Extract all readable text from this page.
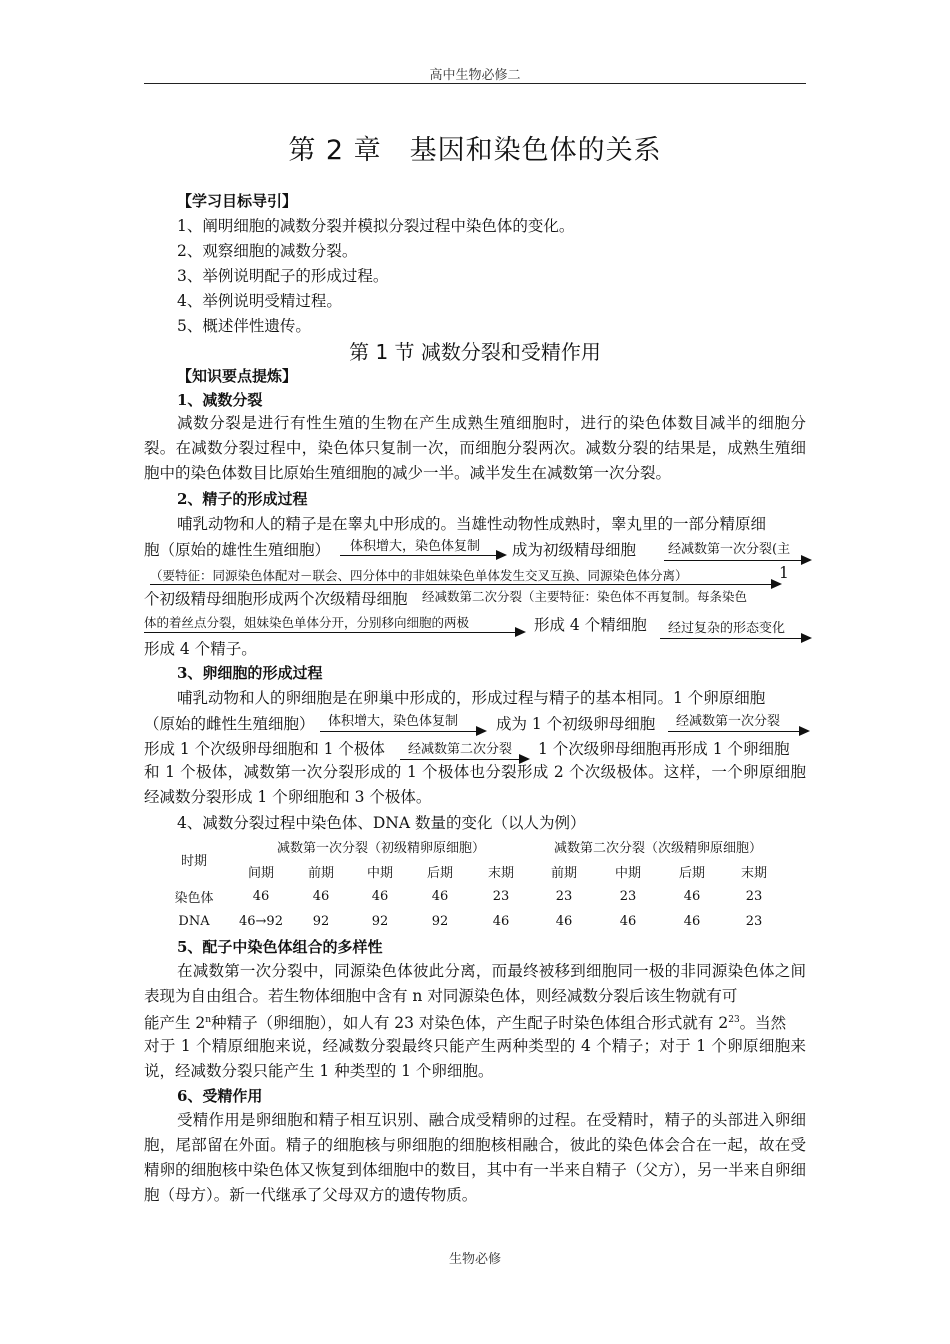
高中生物必修二
第 2 章　基因和染色体的关系
【学习目标导引】
1、阐明细胞的减数分裂并模拟分裂过程中染色体的变化。
2、观察细胞的减数分裂。
3、举例说明配子的形成过程。
4、举例说明受精过程。
5、概述伴性遗传。
第 1 节 减数分裂和受精作用
【知识要点提炼】
1、减数分裂
减数分裂是进行有性生殖的生物在产生成熟生殖细胞时，进行的染色体数目减半的细胞分裂。在减数分裂过程中，染色体只复制一次，而细胞分裂两次。减数分裂的结果是，成熟生殖细胞中的染色体数目比原始生殖细胞的减少一半。减半发生在减数第一次分裂。
2、精子的形成过程
哺乳动物和人的精子是在睾丸中形成的。当雄性动物性成熟时，睾丸里的一部分精原细
胞（原始的雄性生殖细胞） 体积增大，染色体复制 成为初级精母细胞 经减数第一次分裂(主
（要特征：同源染色体配对－联会、四分体中的非姐妹染色单体发生交叉互换、同源染色体分离）	1
个初级精母细胞形成两个次级精母细胞 经减数第二次分裂（主要特征：染色体不再复制。每条染色
体的着丝点分裂，姐妹染色单体分开，分别移向细胞的两极	形成 4 个精细胞 经过复杂的形态变化
形成 4 个精子。
3、卵细胞的形成过程
哺乳动物和人的卵细胞是在卵巢中形成的，形成过程与精子的基本相同。1 个卵原细胞
（原始的雌性生殖细胞） 体积增大，染色体复制 成为 1 个初级卵母细胞 经减数第一次分裂
形成 1 个次级卵母细胞和 1 个极体 经减数第二次分裂 1 个次级卵母细胞再形成 1 个卵细胞
和 1 个极体，减数第一次分裂形成的 1 个极体也分裂形成 2 个次级极体。这样，一个卵原细胞经减数分裂形成 1 个卵细胞和 3 个极体。
4、减数分裂过程中染色体、DNA 数量的变化（以人为例）
时期	减数第一次分裂（初级精卵原细胞）					减数第二次分裂（次级精卵原细胞）			
	间期	前期	中期	后期	末期	前期	中期	后期	末期
染色体	46	46	46	46	23	23	23	46	23
DNA	46→92	92	92	92	46	46	46	46	23
5、配子中染色体组合的多样性
在减数第一次分裂中，同源染色体彼此分离，而最终被移到细胞同一极的非同源染色体之间表现为自由组合。若生物体细胞中含有 n 对同源染色体，则经减数分裂后该生物就有可
能产生 2$^n$种精子（卵细胞），如人有 23 对染色体，产生配子时染色体组合形式就有 $2^{23}$。当然
对于 1 个精原细胞来说，经减数分裂最终只能产生两种类型的 4 个精子；对于 1 个卵原细胞来说，经减数分裂只能产生 1 种类型的 1 个卵细胞。
6、受精作用
受精作用是卵细胞和精子相互识别、融合成受精卵的过程。在受精时，精子的头部进入卵细胞，尾部留在外面。精子的细胞核与卵细胞的细胞核相融合，彼此的染色体会合在一起，故在受精卵的细胞核中染色体又恢复到体细胞中的数目，其中有一半来自精子（父方），另一半来自卵细胞（母方）。新一代继承了父母双方的遗传物质。
生物必修
